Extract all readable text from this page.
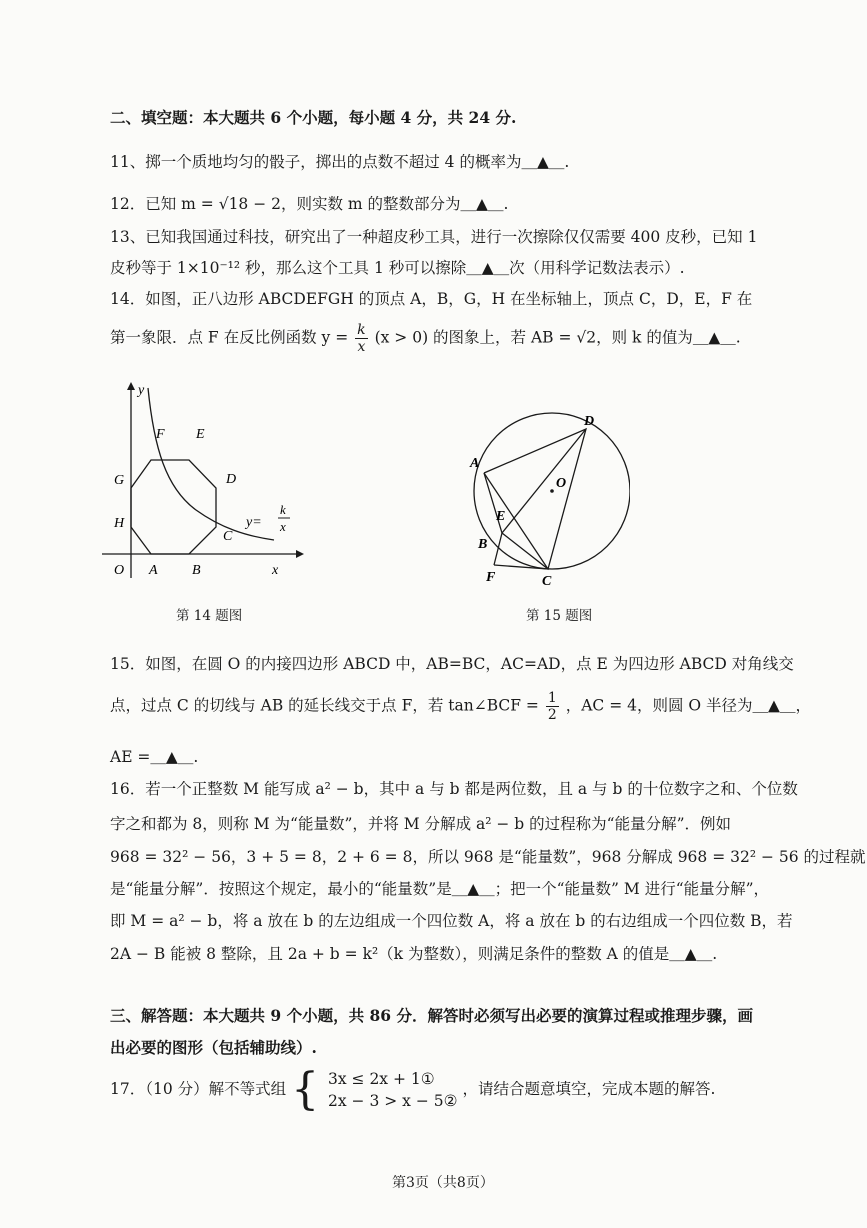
二、填空题：本大题共 6 个小题，每小题 4 分，共 24 分.
11、掷一个质地均匀的骰子，掷出的点数不超过 4 的概率为＿▲＿.
12．已知 m = √18 − 2，则实数 m 的整数部分为＿▲＿.
13、已知我国通过科技，研究出了一种超皮秒工具，进行一次擦除仅仅需要 400 皮秒，已知 1
皮秒等于 1×10⁻¹² 秒，那么这个工具 1 秒可以擦除＿▲＿次（用科学记数法表示）.
14．如图，正八边形 ABCDEFGH 的顶点 A，B，G，H 在坐标轴上，顶点 C，D，E，F 在
第一象限．点 F 在反比例函数 $y = \frac{k}{x} (x > 0)$ 的图象上，若 AB = √2，则 k 的值为＿▲＿.
y
x
O A B
C
D
E
F
G
H	y=
k
x
第 14 题图
A
B
C
D
E
F
O
第 15 题图
15．如图，在圆 O 的内接四边形 ABCD 中，AB=BC，AC=AD，点 E 为四边形 ABCD 对角线交
点，过点 C 的切线与 AB 的延长线交于点 F，若 tan∠BCF = $\frac{1}{2}$ ，AC = 4，则圆 O 半径为＿▲＿，
AE =＿▲＿.
16．若一个正整数 M 能写成 a² − b，其中 a 与 b 都是两位数，且 a 与 b 的十位数字之和、个位数
字之和都为 8，则称 M 为“能量数”，并将 M 分解成 a² − b 的过程称为“能量分解”．例如
968 = 32² − 56，3 + 5 = 8，2 + 6 = 8，所以 968 是“能量数”，968 分解成 968 = 32² − 56 的过程就
是“能量分解”．按照这个规定，最小的“能量数”是＿▲＿；把一个“能量数” M 进行“能量分解”，
即 M = a² − b，将 a 放在 b 的左边组成一个四位数 A，将 a 放在 b 的右边组成一个四位数 B，若
2A − B 能被 8 整除，且 2a + b = k²（k 为整数），则满足条件的整数 A 的值是＿▲＿.
三、解答题：本大题共 9 个小题，共 86 分．解答时必须写出必要的演算过程或推理步骤，画
出必要的图形（包括辅助线）.
17．（10 分）解不等式组 { 3x ≤ 2x + 1①
2x − 3 > x − 5②
，请结合题意填空，完成本题的解答.
第3页（共8页）
